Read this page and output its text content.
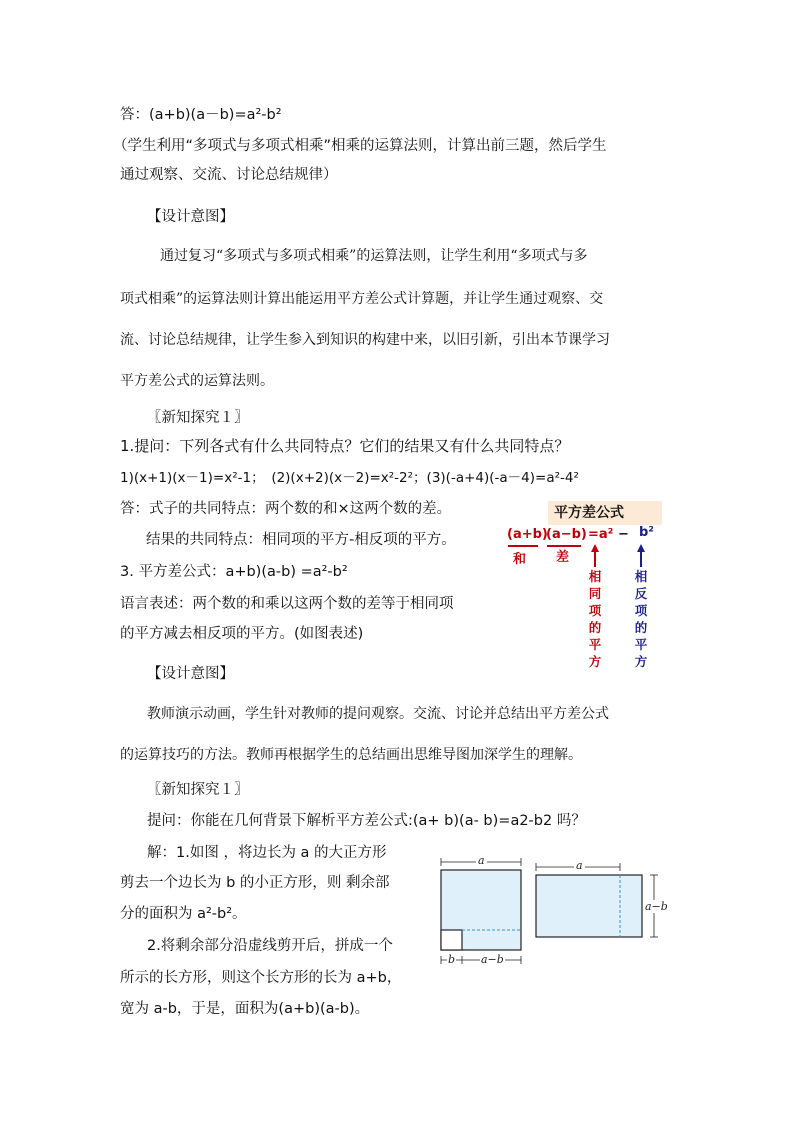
答：(a+b)(a－b)=a²-b²
（学生利用“多项式与多项式相乘”相乘的运算法则，计算出前三题，然后学生
通过观察、交流、讨论总结规律）
【设计意图】
通过复习“多项式与多项式相乘”的运算法则，让学生利用“多项式与多
项式相乘”的运算法则计算出能运用平方差公式计算题，并让学生通过观察、交
流、讨论总结规律，让学生参入到知识的构建中来，以旧引新，引出本节课学习
平方差公式的运算法则。
〖新知探究１〗
1.提问：下列各式有什么共同特点？它们的结果又有什么共同特点？
1)(x+1)(x－1)=x²-1；　(2)(x+2)(x－2)=x²-2²；(3)(-a+4)(-a－4)=a²-4²
答：式子的共同特点：两个数的和×这两个数的差。
结果的共同特点：相同项的平方-相反项的平方。
3. 平方差公式：a+b)(a-b) =a²-b²
语言表述：两个数的和乘以这两个数的差等于相同项
的平方减去相反项的平方。(如图表述)
平方差公式
(a+b)
(a−b) =a² − b²
和 差
相
同
项
的
平
方
相
反
项
的
平
方
【设计意图】
教师演示动画，学生针对教师的提问观察。交流、讨论并总结出平方差公式
的运算技巧的方法。教师再根据学生的总结画出思维导图加深学生的理解。
〖新知探究１〗
提问：你能在几何背景下解析平方差公式:(a+ b)(a- b)=a2-b2 吗？
解：1.如图 ，将边长为 a 的大正方形
剪去一个边长为 b 的小正方形，则 剩余部
分的面积为 a²-b²。
2.将剩余部分沿虚线剪开后，拼成一个
所示的长方形，则这个长方形的长为 a+b，
宽为 a-b，于是，面积为(a+b)(a-b)。
a	a
b a−b
a−b
